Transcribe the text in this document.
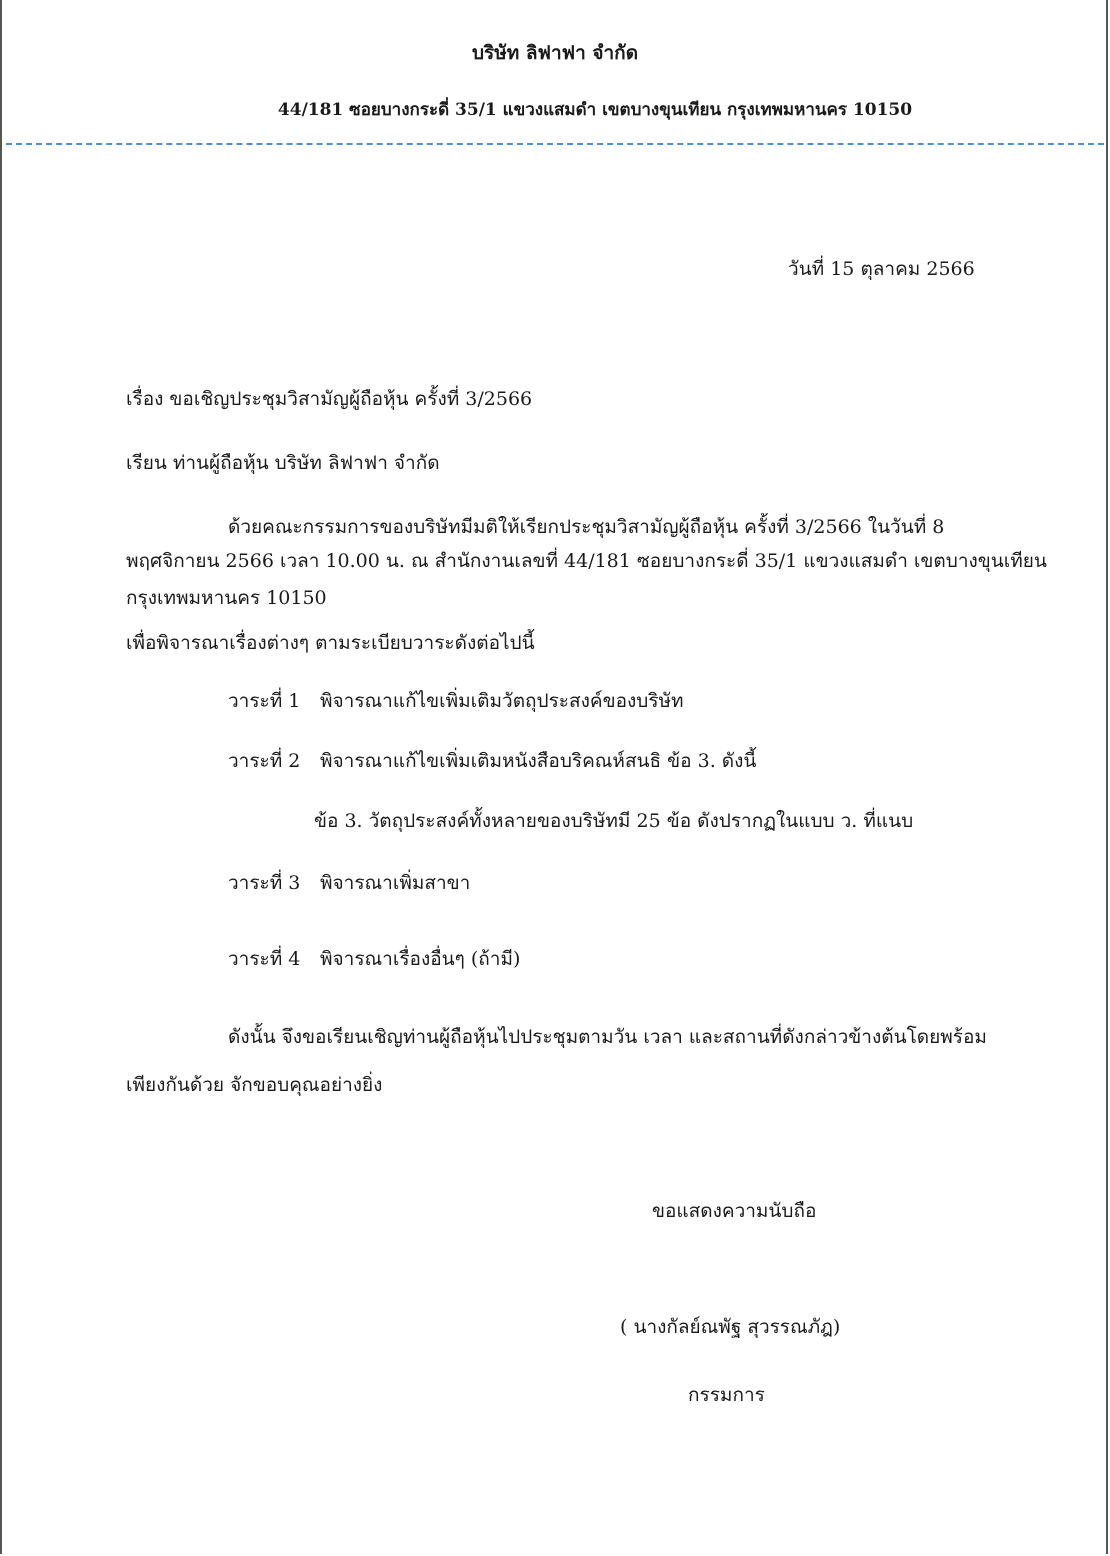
บริษัท ลิฟาฟา จำกัด
44/181 ซอยบางกระดี่ 35/1 แขวงแสมดำ เขตบางขุนเทียน กรุงเทพมหานคร 10150
วันที่ 15 ตุลาคม 2566
เรื่อง ขอเชิญประชุมวิสามัญผู้ถือหุ้น ครั้งที่ 3/2566
เรียน ท่านผู้ถือหุ้น บริษัท ลิฟาฟา จำกัด
ด้วยคณะกรรมการของบริษัทมีมติให้เรียกประชุมวิสามัญผู้ถือหุ้น ครั้งที่ 3/2566 ในวันที่ 8
พฤศจิกายน 2566 เวลา 10.00 น. ณ สำนักงานเลขที่ 44/181 ซอยบางกระดี่ 35/1 แขวงแสมดำ เขตบางขุนเทียน
กรุงเทพมหานคร 10150
เพื่อพิจารณาเรื่องต่างๆ ตามระเบียบวาระดังต่อไปนี้
วาระที่ 1 พิจารณาแก้ไขเพิ่มเติมวัตถุประสงค์ของบริษัท
วาระที่ 2 พิจารณาแก้ไขเพิ่มเติมหนังสือบริคณห์สนธิ ข้อ 3. ดังนี้
ข้อ 3. วัตถุประสงค์ทั้งหลายของบริษัทมี 25 ข้อ ดังปรากฏในแบบ ว. ที่แนบ
วาระที่ 3 พิจารณาเพิ่มสาขา
วาระที่ 4 พิจารณาเรื่องอื่นๆ (ถ้ามี)
ดังนั้น จึงขอเรียนเชิญท่านผู้ถือหุ้นไปประชุมตามวัน เวลา และสถานที่ดังกล่าวข้างต้นโดยพร้อม
เพียงกันด้วย จักขอบคุณอย่างยิ่ง
ขอแสดงความนับถือ
( นางกัลย์ณพัฐ สุวรรณภัฎ)
กรรมการ
